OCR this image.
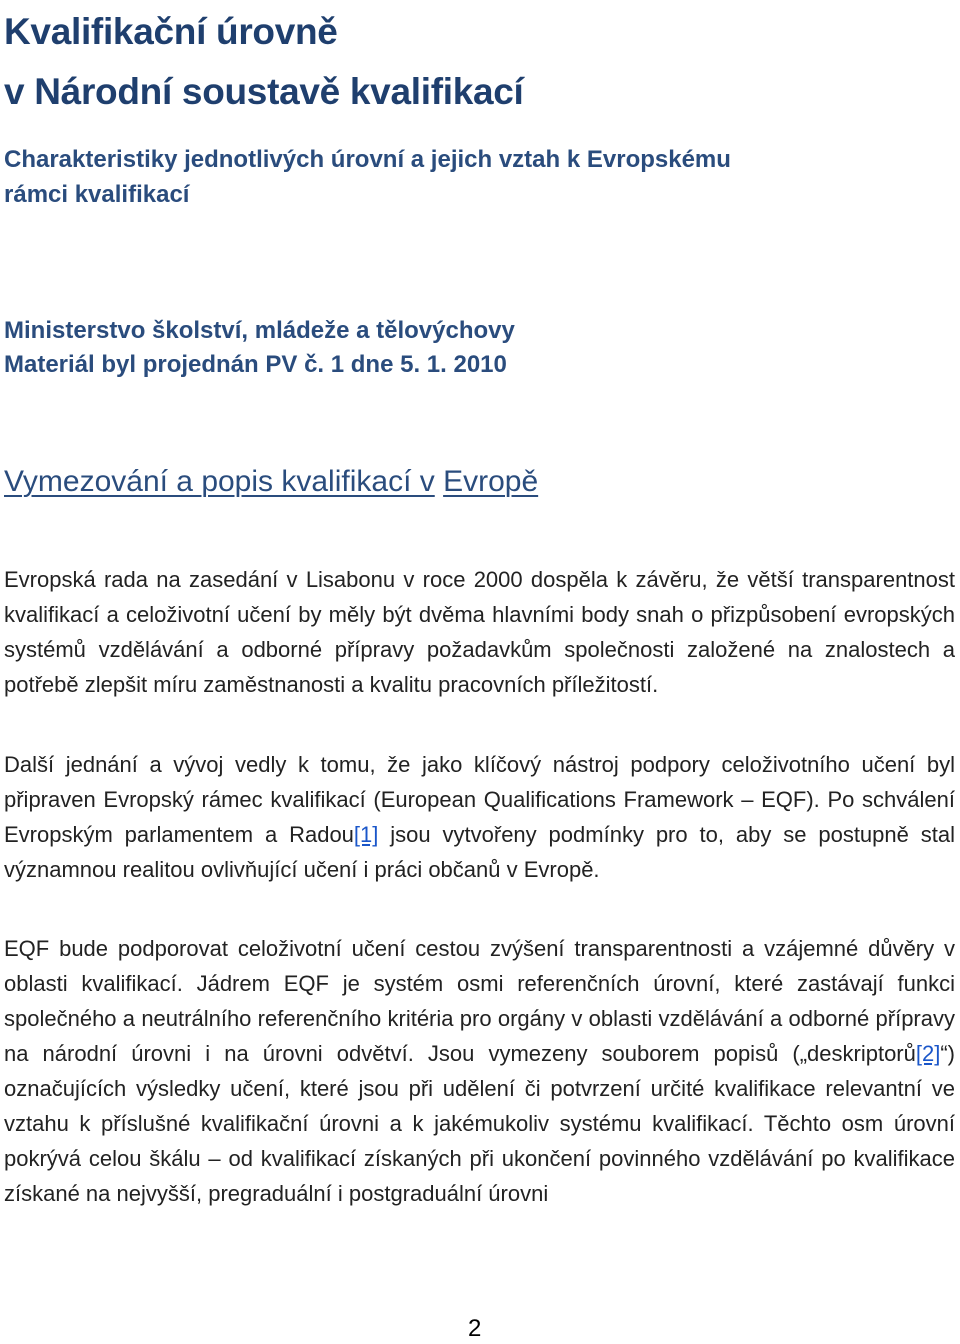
Kvalifikační úrovně
v Národní soustavě kvalifikací

Charakteristiky jednotlivých úrovní a jejich vztah k Evropskému rámci kvalifikací

Ministerstvo školství, mládeže a tělovýchovy
Materiál byl projednán PV č. 1 dne 5. 1. 2010

Vymezování a popis kvalifikací v Evropě

Evropská rada na zasedání v Lisabonu v roce 2000 dospěla k závěru, že větší transparentnost kvalifikací a celoživotní učení by měly být dvěma hlavními body snah o přizpůsobení evropských systémů vzdělávání a odborné přípravy požadavkům společnosti založené na znalostech a potřebě zlepšit míru zaměstnanosti a kvalitu pracovních příležitostí.

Další jednání a vývoj vedly k tomu, že jako klíčový nástroj podpory celoživotního učení byl připraven Evropský rámec kvalifikací (European Qualifications Framework – EQF). Po schválení Evropským parlamentem a Radou[1] jsou vytvořeny podmínky pro to, aby se postupně stal významnou realitou ovlivňující učení i práci občanů v Evropě.

EQF bude podporovat celoživotní učení cestou zvýšení transparentnosti a vzájemné důvěry v oblasti kvalifikací. Jádrem EQF je systém osmi referenčních úrovní, které zastávají funkci společného a neutrálního referenčního kritéria pro orgány v oblasti vzdělávání a odborné přípravy na národní úrovni i na úrovni odvětví. Jsou vymezeny souborem popisů („deskriptorů[2]“) označujících výsledky učení, které jsou při udělení či potvrzení určité kvalifikace relevantní ve vztahu k příslušné kvalifikační úrovni a k jakémukoliv systému kvalifikací. Těchto osm úrovní pokrývá celou škálu – od kvalifikací získaných při ukončení povinného vzdělávání po kvalifikace získané na nejvyšší, pregraduální i postgraduální úrovni

2
